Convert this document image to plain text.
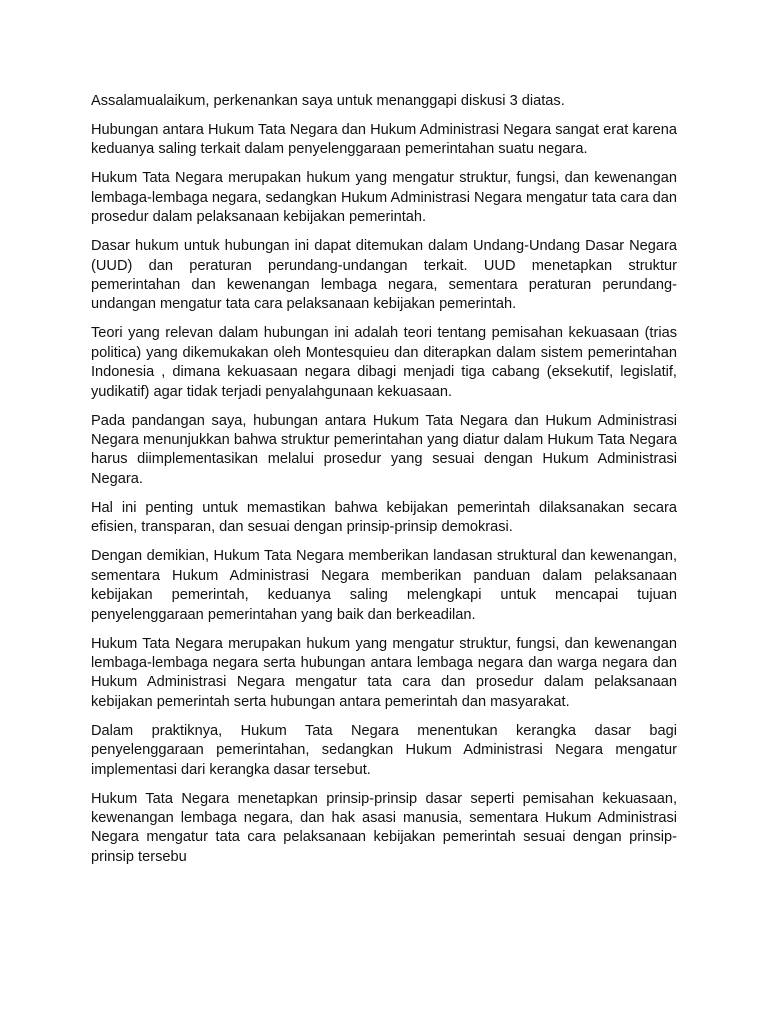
Assalamualaikum, perkenankan saya untuk menanggapi diskusi 3 diatas.

Hubungan antara Hukum Tata Negara dan Hukum Administrasi Negara sangat erat karena keduanya saling terkait dalam penyelenggaraan pemerintahan suatu negara.

Hukum Tata Negara merupakan hukum yang mengatur struktur, fungsi, dan kewenangan lembaga-lembaga negara, sedangkan Hukum Administrasi Negara mengatur tata cara dan prosedur dalam pelaksanaan kebijakan pemerintah.

Dasar hukum untuk hubungan ini dapat ditemukan dalam Undang-Undang Dasar Negara (UUD) dan peraturan perundang-undangan terkait. UUD menetapkan struktur pemerintahan dan kewenangan lembaga negara, sementara peraturan perundang-undangan mengatur tata cara pelaksanaan kebijakan pemerintah.

Teori yang relevan dalam hubungan ini adalah teori tentang pemisahan kekuasaan (trias politica) yang dikemukakan oleh Montesquieu dan diterapkan dalam sistem pemerintahan Indonesia , dimana kekuasaan negara dibagi menjadi tiga cabang (eksekutif, legislatif, yudikatif) agar tidak terjadi penyalahgunaan kekuasaan.

Pada pandangan saya, hubungan antara Hukum Tata Negara dan Hukum Administrasi Negara menunjukkan bahwa struktur pemerintahan yang diatur dalam Hukum Tata Negara harus diimplementasikan melalui prosedur yang sesuai dengan Hukum Administrasi Negara.

Hal ini penting untuk memastikan bahwa kebijakan pemerintah dilaksanakan secara efisien, transparan, dan sesuai dengan prinsip-prinsip demokrasi.

Dengan demikian, Hukum Tata Negara memberikan landasan struktural dan kewenangan, sementara Hukum Administrasi Negara memberikan panduan dalam pelaksanaan kebijakan pemerintah, keduanya saling melengkapi untuk mencapai tujuan penyelenggaraan pemerintahan yang baik dan berkeadilan.

Hukum Tata Negara merupakan hukum yang mengatur struktur, fungsi, dan kewenangan lembaga-lembaga negara serta hubungan antara lembaga negara dan warga negara dan Hukum Administrasi Negara mengatur tata cara dan prosedur dalam pelaksanaan kebijakan pemerintah serta hubungan antara pemerintah dan masyarakat.

Dalam praktiknya, Hukum Tata Negara menentukan kerangka dasar bagi penyelenggaraan pemerintahan, sedangkan Hukum Administrasi Negara mengatur implementasi dari kerangka dasar tersebut.

Hukum Tata Negara menetapkan prinsip-prinsip dasar seperti pemisahan kekuasaan, kewenangan lembaga negara, dan hak asasi manusia, sementara Hukum Administrasi Negara mengatur tata cara pelaksanaan kebijakan pemerintah sesuai dengan prinsip-prinsip tersebu
